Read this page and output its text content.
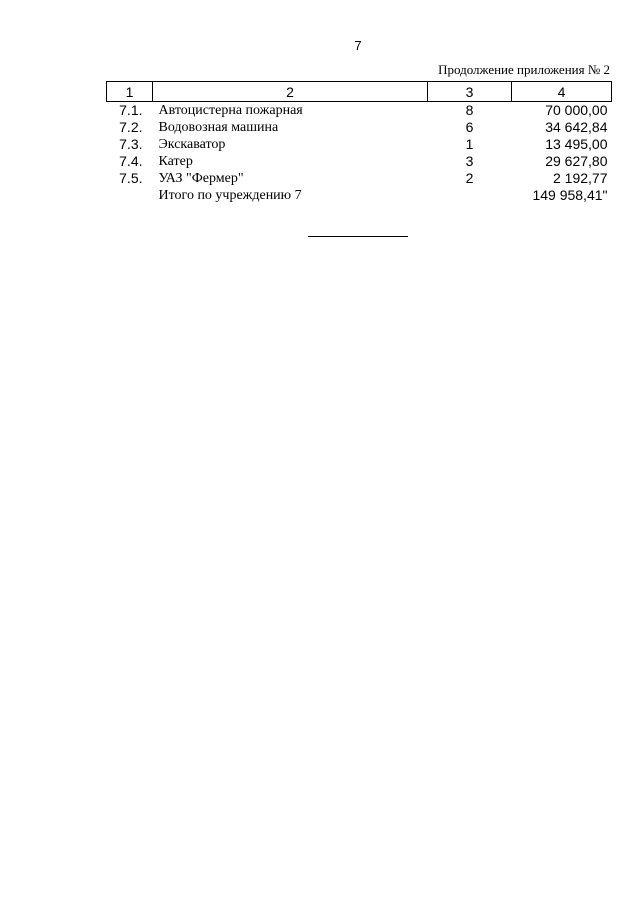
7
Продолжение приложения № 2
1	2	3	4
7.1.	Автоцистерна пожарная	8	70 000,00
7.2.	Водовозная машина	6	34 642,84
7.3.	Экскаватор	1	13 495,00
7.4.	Катер	3	29 627,80
7.5.	УАЗ "Фермер"	2	2 192,77
	Итого по учреждению 7		149 958,41"
